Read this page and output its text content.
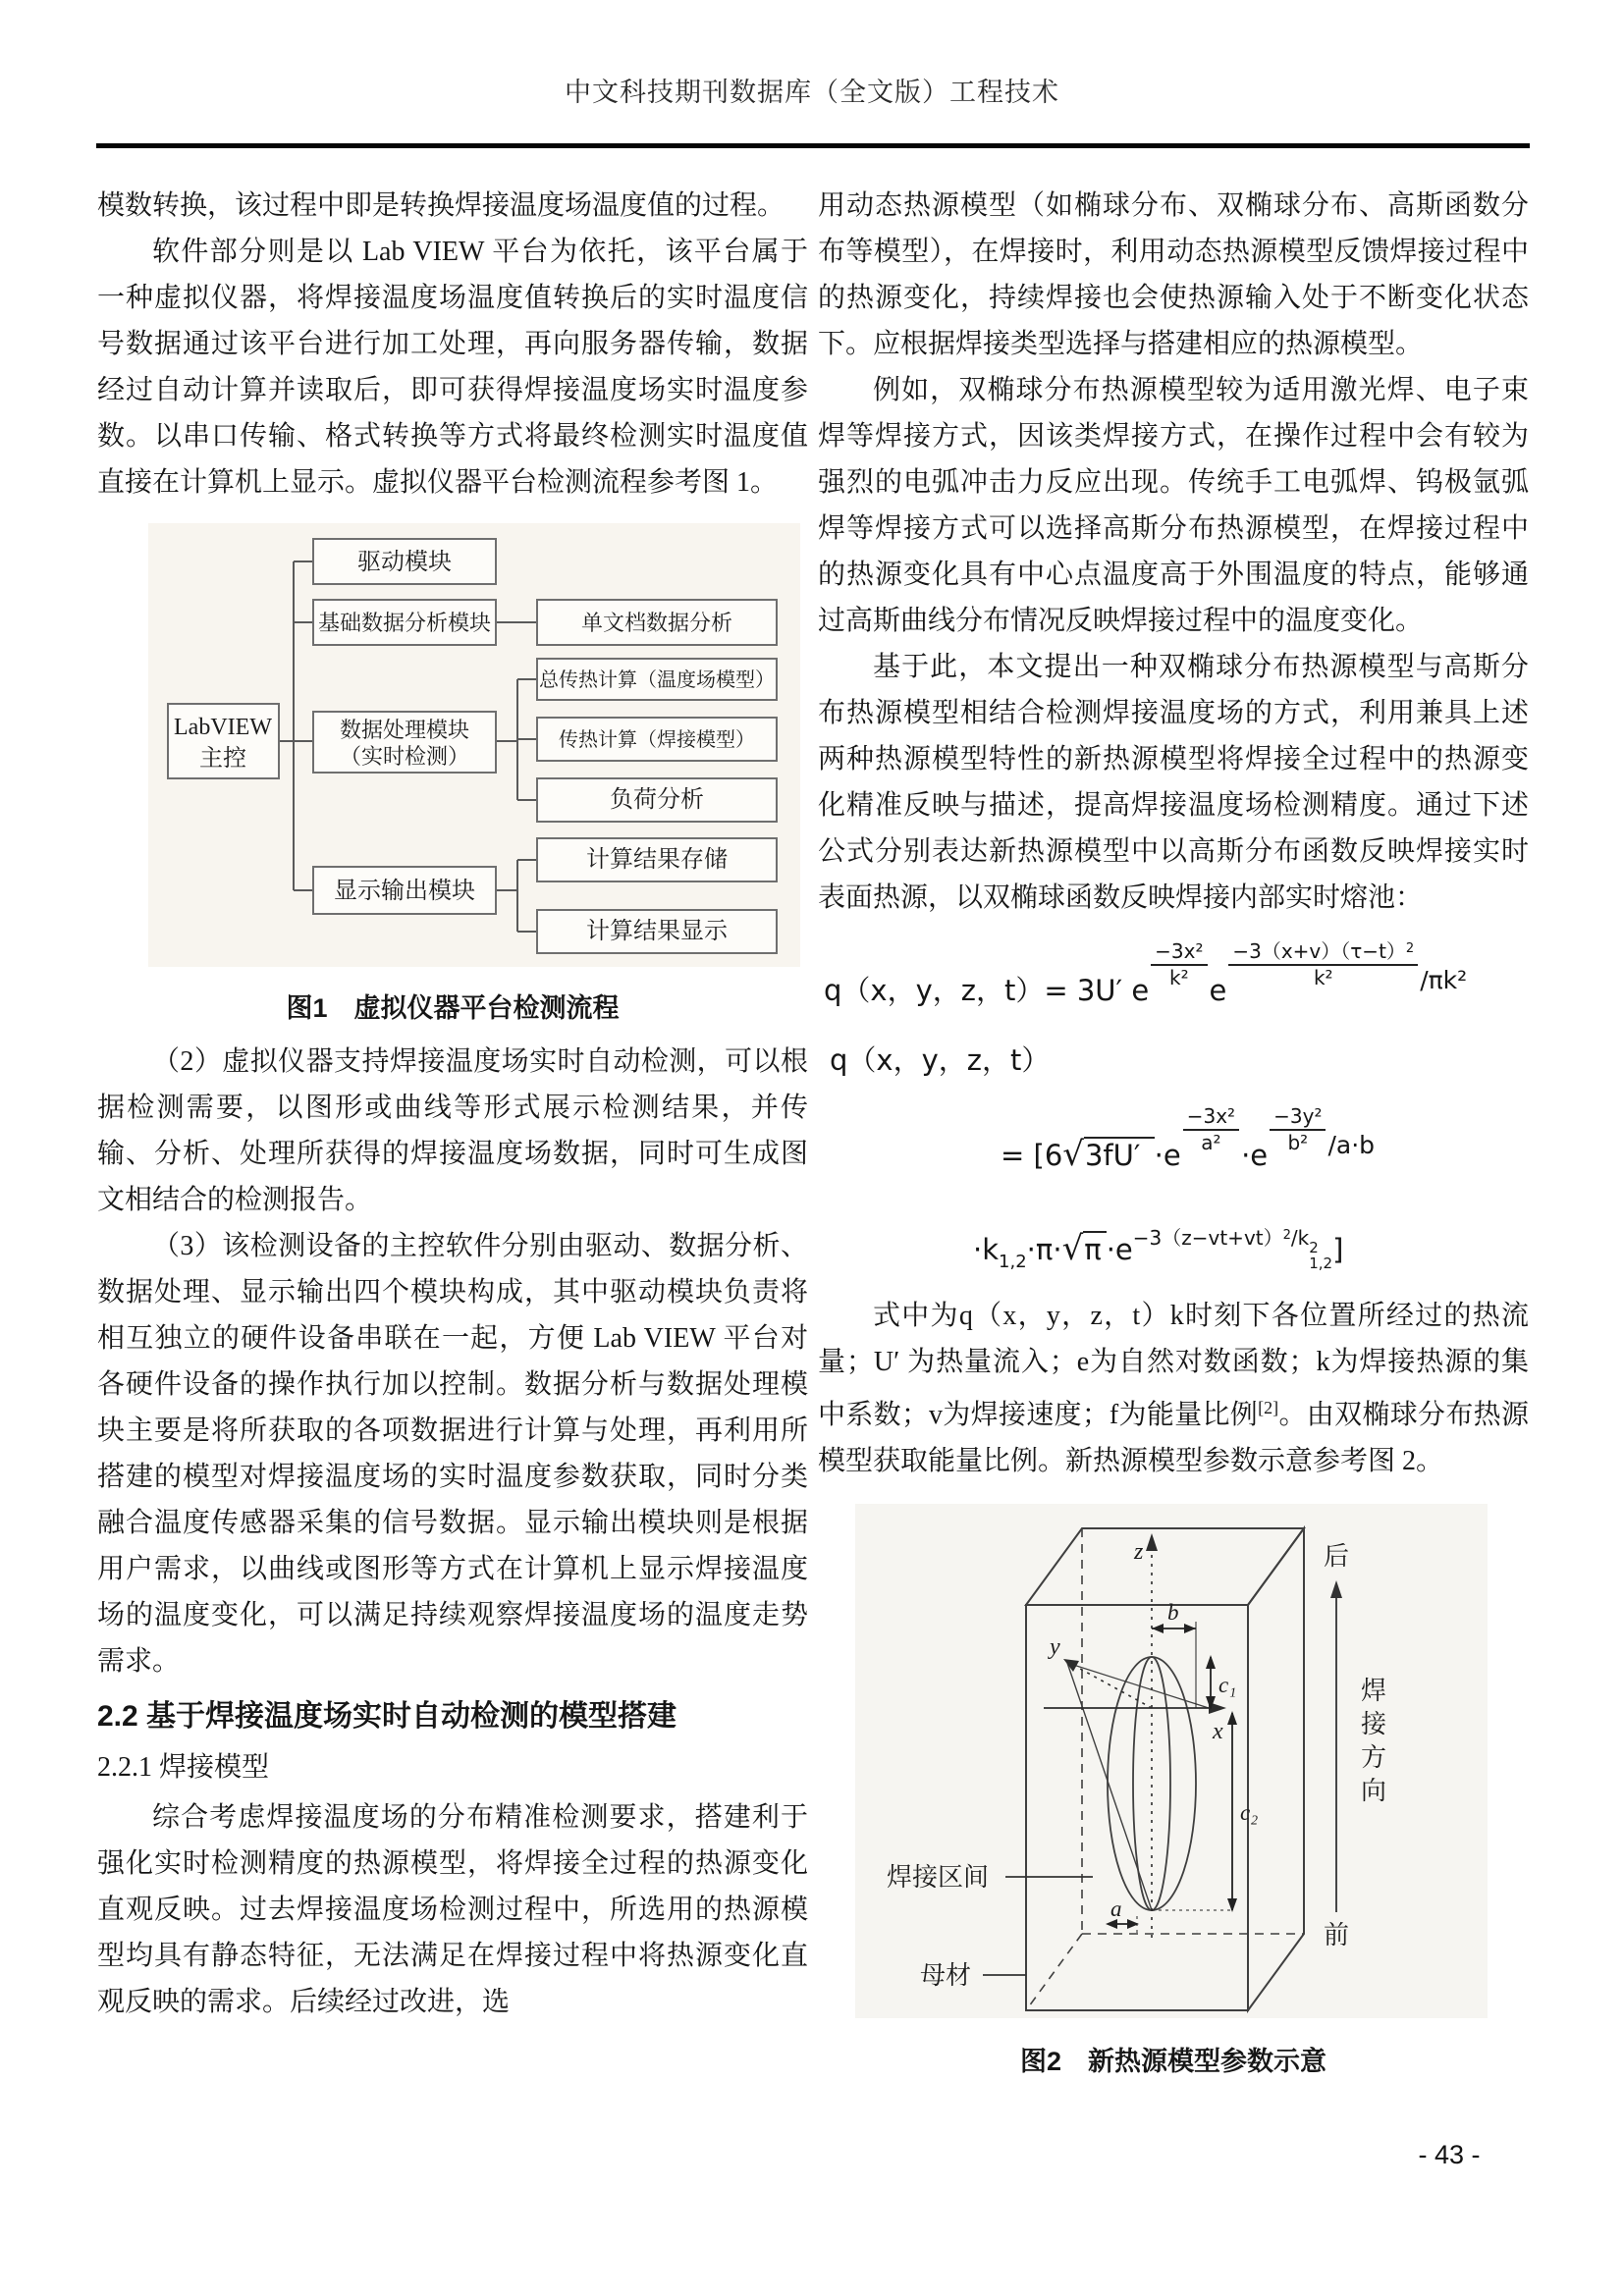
中文科技期刊数据库（全文版）工程技术

模数转换，该过程中即是转换焊接温度场温度值的过程。

软件部分则是以 Lab VIEW 平台为依托，该平台属于一种虚拟仪器，将焊接温度场温度值转换后的实时温度信号数据通过该平台进行加工处理，再向服务器传输，数据经过自动计算并读取后，即可获得焊接温度场实时温度参数。以串口传输、格式转换等方式将最终检测实时温度值直接在计算机上显示。虚拟仪器平台检测流程参考图 1。

LabVIEW
主控
驱动模块
基础数据分析模块
数据处理模块
（实时检测）
显示输出模块
单文档数据分析
总传热计算（温度场模型）
传热计算（焊接模型）
负荷分析
计算结果存储
计算结果显示
图1　虚拟仪器平台检测流程

（2）虚拟仪器支持焊接温度场实时自动检测，可以根据检测需要，以图形或曲线等形式展示检测结果，并传输、分析、处理所获得的焊接温度场数据，同时可生成图文相结合的检测报告。

（3）该检测设备的主控软件分别由驱动、数据分析、数据处理、显示输出四个模块构成，其中驱动模块负责将相互独立的硬件设备串联在一起，方便 Lab VIEW 平台对各硬件设备的操作执行加以控制。数据分析与数据处理模块主要是将所获取的各项数据进行计算与处理，再利用所搭建的模型对焊接温度场的实时温度参数获取，同时分类融合温度传感器采集的信号数据。显示输出模块则是根据用户需求，以曲线或图形等方式在计算机上显示焊接温度场的温度变化，可以满足持续观察焊接温度场的温度走势需求。

2.2 基于焊接温度场实时自动检测的模型搭建
2.2.1 焊接模型

综合考虑焊接温度场的分布精准检测要求，搭建利于强化实时检测精度的热源模型，将焊接全过程的热源变化直观反映。过去焊接温度场检测过程中，所选用的热源模型均具有静态特征，无法满足在焊接过程中将热源变化直观反映的需求。后续经过改进，选

用动态热源模型（如椭球分布、双椭球分布、高斯函数分布等模型），在焊接时，利用动态热源模型反馈焊接过程中的热源变化，持续焊接也会使热源输入处于不断变化状态下。应根据焊接类型选择与搭建相应的热源模型。

例如，双椭球分布热源模型较为适用激光焊、电子束焊等焊接方式，因该类焊接方式，在操作过程中会有较为强烈的电弧冲击力反应出现。传统手工电弧焊、钨极氩弧焊等焊接方式可以选择高斯分布热源模型，在焊接过程中的热源变化具有中心点温度高于外围温度的特点，能够通过高斯曲线分布情况反映焊接过程中的温度变化。

基于此，本文提出一种双椭球分布热源模型与高斯分布热源模型相结合检测焊接温度场的方式，利用兼具上述两种热源模型特性的新热源模型将焊接全过程中的热源变化精准反映与描述，提高焊接温度场检测精度。通过下述公式分别表达新热源模型中以高斯分布函数反映焊接实时表面热源，以双椭球函数反映焊接内部实时熔池：

q（x，y，z，t）= 3U′ e
$\frac{\text{−3x²}}{\text{k²}}$
e
$\frac{-3(x+v)(\tau-t)^2}{\text{k²}} /\pi k^2$
q（x，y，z，t）
= [6√3fU′ ·e
$\frac{\text{−3x²}}{\text{a²}}$
·e
$\frac{\text{−3y²}}{\text{b²}} /a\cdot b$
$\cdot k_{1,2}\cdot\pi\cdot√\pi \cdot e^{-3(z-vt+vt)^2/k 2 1,2}$ ]

式中为q（x，y，z，t）k时刻下各位置所经过的热流量；U′ 为热量流入；e为自然对数函数；k为焊接热源的集中系数；v为焊接速度；f为能量比例[2]。由双椭球分布热源模型获取能量比例。新热源模型参数示意参考图 2。

z
y
x
b
c₁
c₂
a
焊接区间
母材
后
前
焊接方向
图2　新热源模型参数示意
- 43 -
